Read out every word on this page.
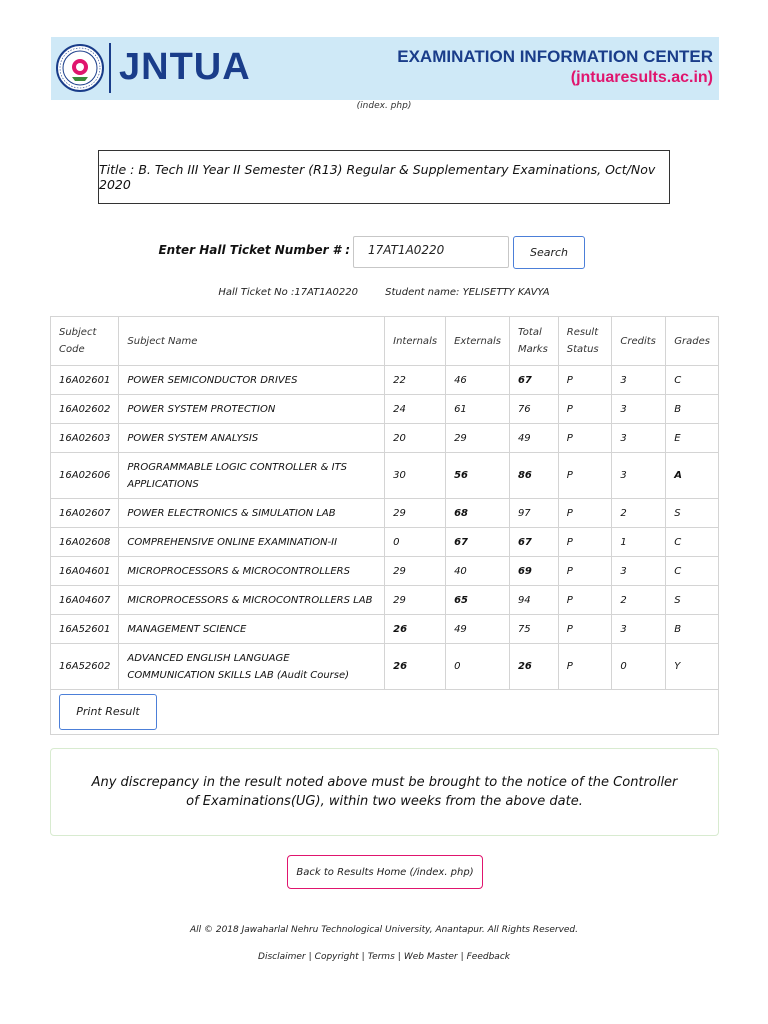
JNTUA	EXAMINATION INFORMATION CENTER
(jntuaresults.ac.in)
(index. php)
Title : B. Tech III Year II Semester (R13) Regular & Supplementary Examinations, Oct/Nov 2020
Enter Hall Ticket Number # :	17AT1A0220	Search
Hall Ticket No :17AT1A0220	Student name: YELISETTY KAVYA
Subject Code	Subject Name	Internals	Externals	Total Marks	Result Status	Credits	Grades
16A02601	POWER SEMICONDUCTOR DRIVES	22	46	67	P	3	C
16A02602	POWER SYSTEM PROTECTION	24	61	76	P	3	B
16A02603	POWER SYSTEM ANALYSIS	20	29	49	P	3	E
16A02606	PROGRAMMABLE LOGIC CONTROLLER & ITS APPLICATIONS	30	56	86	P	3	A
16A02607	POWER ELECTRONICS & SIMULATION LAB	29	68	97	P	2	S
16A02608	COMPREHENSIVE ONLINE EXAMINATION-II	0	67	67	P	1	C
16A04601	MICROPROCESSORS & MICROCONTROLLERS	29	40	69	P	3	C
16A04607	MICROPROCESSORS & MICROCONTROLLERS LAB	29	65	94	P	2	S
16A52601	MANAGEMENT SCIENCE	26	49	75	P	3	B
16A52602	ADVANCED ENGLISH LANGUAGE COMMUNICATION SKILLS LAB (Audit Course)	26	0	26	P	0	Y
Print Result							
Any discrepancy in the result noted above must be brought to the notice of the Controller of Examinations(UG), within two weeks from the above date.
Back to Results Home (/index. php)
All © 2018 Jawaharlal Nehru Technological University, Anantapur. All Rights Reserved.
Disclaimer | Copyright | Terms | Web Master | Feedback
